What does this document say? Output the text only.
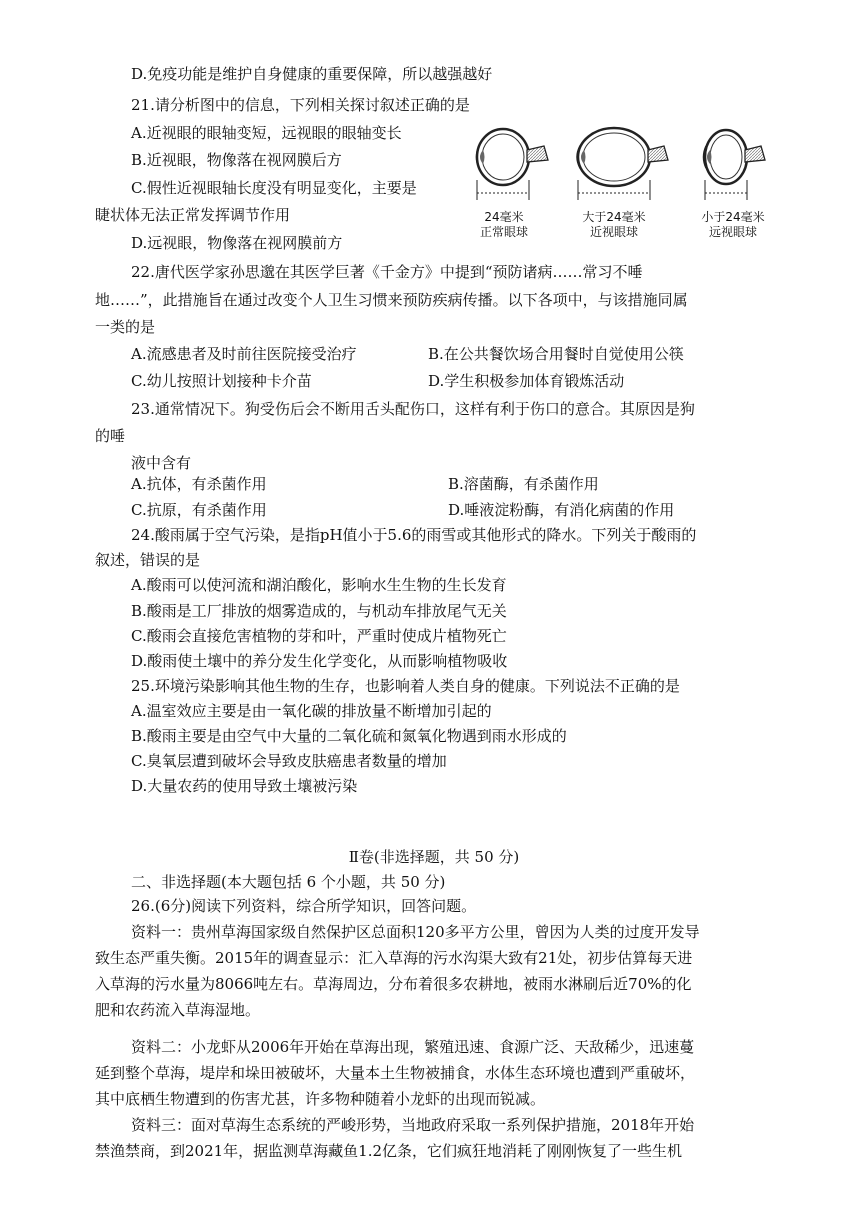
D.免疫功能是维护自身健康的重要保障，所以越强越好
21.请分析图中的信息，下列相关探讨叙述正确的是
A.近视眼的眼轴变短，远视眼的眼轴变长
B.近视眼，物像落在视网膜后方
C.假性近视眼轴长度没有明显变化，主要是
睫状体无法正常发挥调节作用
D.远视眼，物像落在视网膜前方
24毫米
正常眼球
大于24毫米
近视眼球
小于24毫米
远视眼球
22.唐代医学家孙思邈在其医学巨著《千金方》中提到“预防诸病……常习不唾
地……”，此措施旨在通过改变个人卫生习惯来预防疾病传播。以下各项中，与该措施同属
一类的是
A.流感患者及时前往医院接受治疗	B.在公共餐饮场合用餐时自觉使用公筷
C.幼儿按照计划接种卡介苗	D.学生积极参加体育锻炼活动
23.通常情况下。狗受伤后会不断用舌头配伤口，这样有利于伤口的意合。其原因是狗
的唾
液中含有
A.抗体，有杀菌作用	B.溶菌酶，有杀菌作用
C.抗原，有杀菌作用	D.唾液淀粉酶，有消化病菌的作用
24.酸雨属于空气污染，是指pH值小于5.6的雨雪或其他形式的降水。下列关于酸雨的
叙述，错误的是
A.酸雨可以使河流和湖泊酸化，影响水生生物的生长发育
B.酸雨是工厂排放的烟雾造成的，与机动车排放尾气无关
C.酸雨会直接危害植物的芽和叶，严重时使成片植物死亡
D.酸雨使土壤中的养分发生化学变化，从而影响植物吸收
25.环境污染影响其他生物的生存，也影响着人类自身的健康。下列说法不正确的是
A.温室效应主要是由一氧化碳的排放量不断增加引起的
B.酸雨主要是由空气中大量的二氧化硫和氮氧化物遇到雨水形成的
C.臭氧层遭到破坏会导致皮肤癌患者数量的增加
D.大量农药的使用导致土壤被污染
Ⅱ卷(非选择题，共 50 分)
二、非选择题(本大题包括 6 个小题，共 50 分)
26.(6分)阅读下列资料，综合所学知识，回答问题。
资料一：贵州草海国家级自然保护区总面积120多平方公里，曾因为人类的过度开发导
致生态严重失衡。2015年的调查显示：汇入草海的污水沟渠大致有21处，初步估算每天进
入草海的污水量为8066吨左右。草海周边，分布着很多农耕地，被雨水淋刷后近70%的化
肥和农药流入草海湿地。
资料二：小龙虾从2006年开始在草海出现，繁殖迅速、食源广泛、天敌稀少，迅速蔓
延到整个草海，堤岸和垛田被破坏，大量本土生物被捕食，水体生态环境也遭到严重破坏，
其中底栖生物遭到的伤害尤甚，许多物种随着小龙虾的出现而锐减。
资料三：面对草海生态系统的严峻形势，当地政府采取一系列保护措施，2018年开始
禁渔禁商，到2021年，据监测草海藏鱼1.2亿条，它们疯狂地消耗了刚刚恢复了一些生机
